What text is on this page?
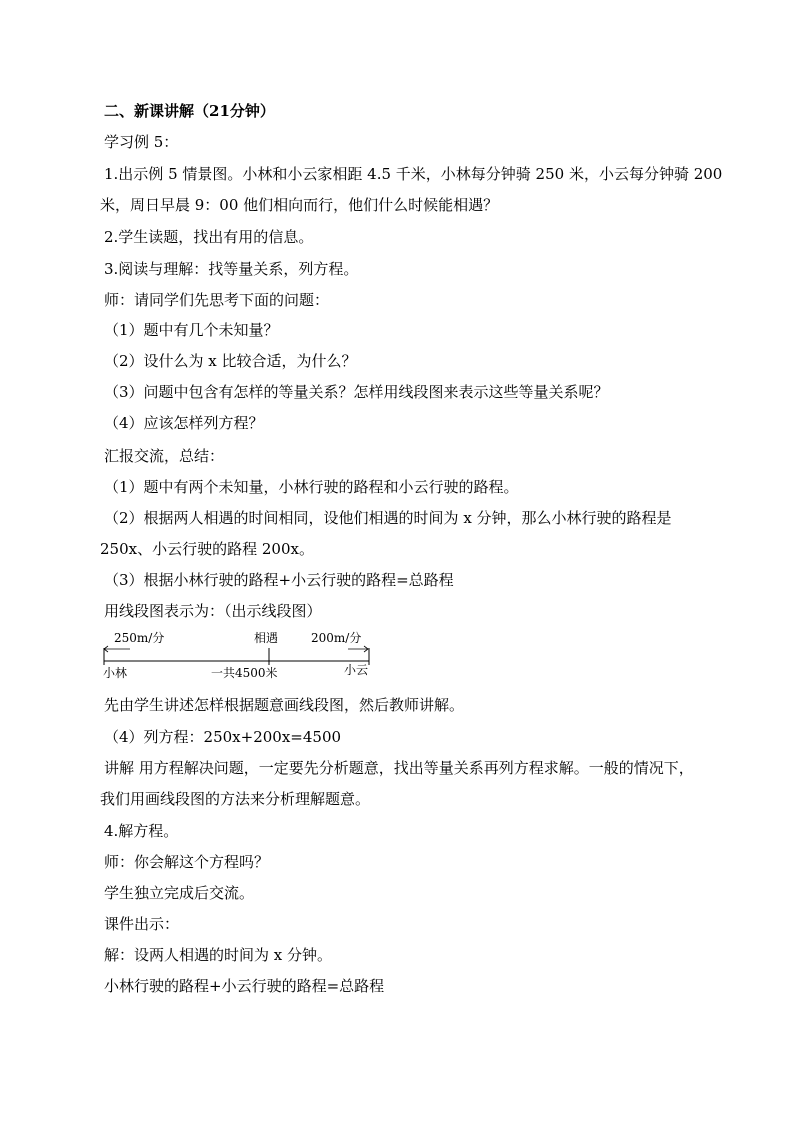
二、新课讲解（21分钟）
学习例 5：
1.出示例 5 情景图。小林和小云家相距 4.5 千米，小林每分钟骑 250 米，小云每分钟骑 200
米，周日早晨 9：00 他们相向而行，他们什么时候能相遇？
2.学生读题，找出有用的信息。
3.阅读与理解：找等量关系，列方程。
师：请同学们先思考下面的问题：
（1）题中有几个未知量？
（2）设什么为 x 比较合适，为什么？
（3）问题中包含有怎样的等量关系？怎样用线段图来表示这些等量关系呢？
（4）应该怎样列方程？
汇报交流，总结：
（1）题中有两个未知量，小林行驶的路程和小云行驶的路程。
（2）根据两人相遇的时间相同，设他们相遇的时间为 x 分钟，那么小林行驶的路程是
250x、小云行驶的路程 200x。
（3）根据小林行驶的路程+小云行驶的路程=总路程
用线段图表示为：（出示线段图）
250m/分	相遇	200m/分
小林	一共4500米	小云
先由学生讲述怎样根据题意画线段图，然后教师讲解。
（4）列方程：250x+200x=4500
讲解 用方程解决问题，一定要先分析题意，找出等量关系再列方程求解。一般的情况下，
我们用画线段图的方法来分析理解题意。
4.解方程。
师：你会解这个方程吗？
学生独立完成后交流。
课件出示：
解：设两人相遇的时间为 x 分钟。
小林行驶的路程+小云行驶的路程=总路程
